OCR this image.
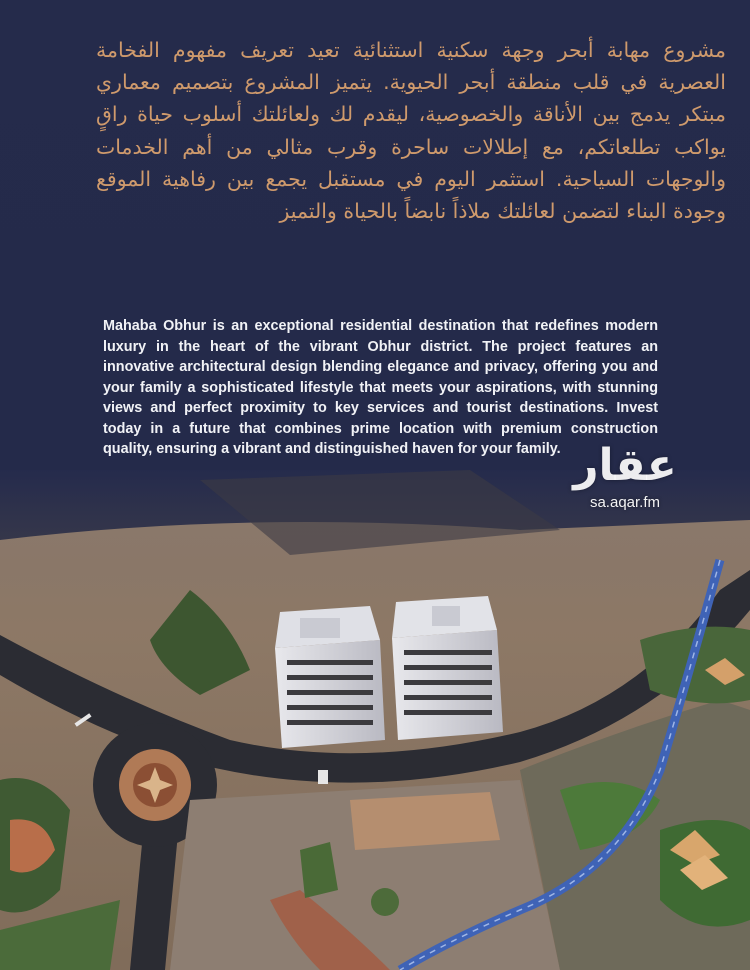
مشروع مهابة أبحر وجهة سكنية استثنائية تعيد تعريف مفهوم الفخامة العصرية في قلب منطقة أبحر الحيوية. يتميز المشروع بتصميم معماري مبتكر يدمج بين الأناقة والخصوصية، ليقدم لك ولعائلتك أسلوب حياة راقٍ يواكب تطلعاتكم، مع إطلالات ساحرة وقرب مثالي من أهم الخدمات والوجهات السياحية. استثمر اليوم في مستقبل يجمع بين رفاهية الموقع وجودة البناء لتضمن لعائلتك ملاذاً نابضاً بالحياة والتميز

Mahaba Obhur is an exceptional residential destination that redefines modern luxury in the heart of the vibrant Obhur district. The project features an innovative architectural design blending elegance and privacy, offering you and your family a sophisticated lifestyle that meets your aspirations, with stunning views and perfect proximity to key services and tourist destinations. Invest today in a future that combines prime location with premium construction quality, ensuring a vibrant and distinguished haven for your family. عقار
sa.aqar.fm
